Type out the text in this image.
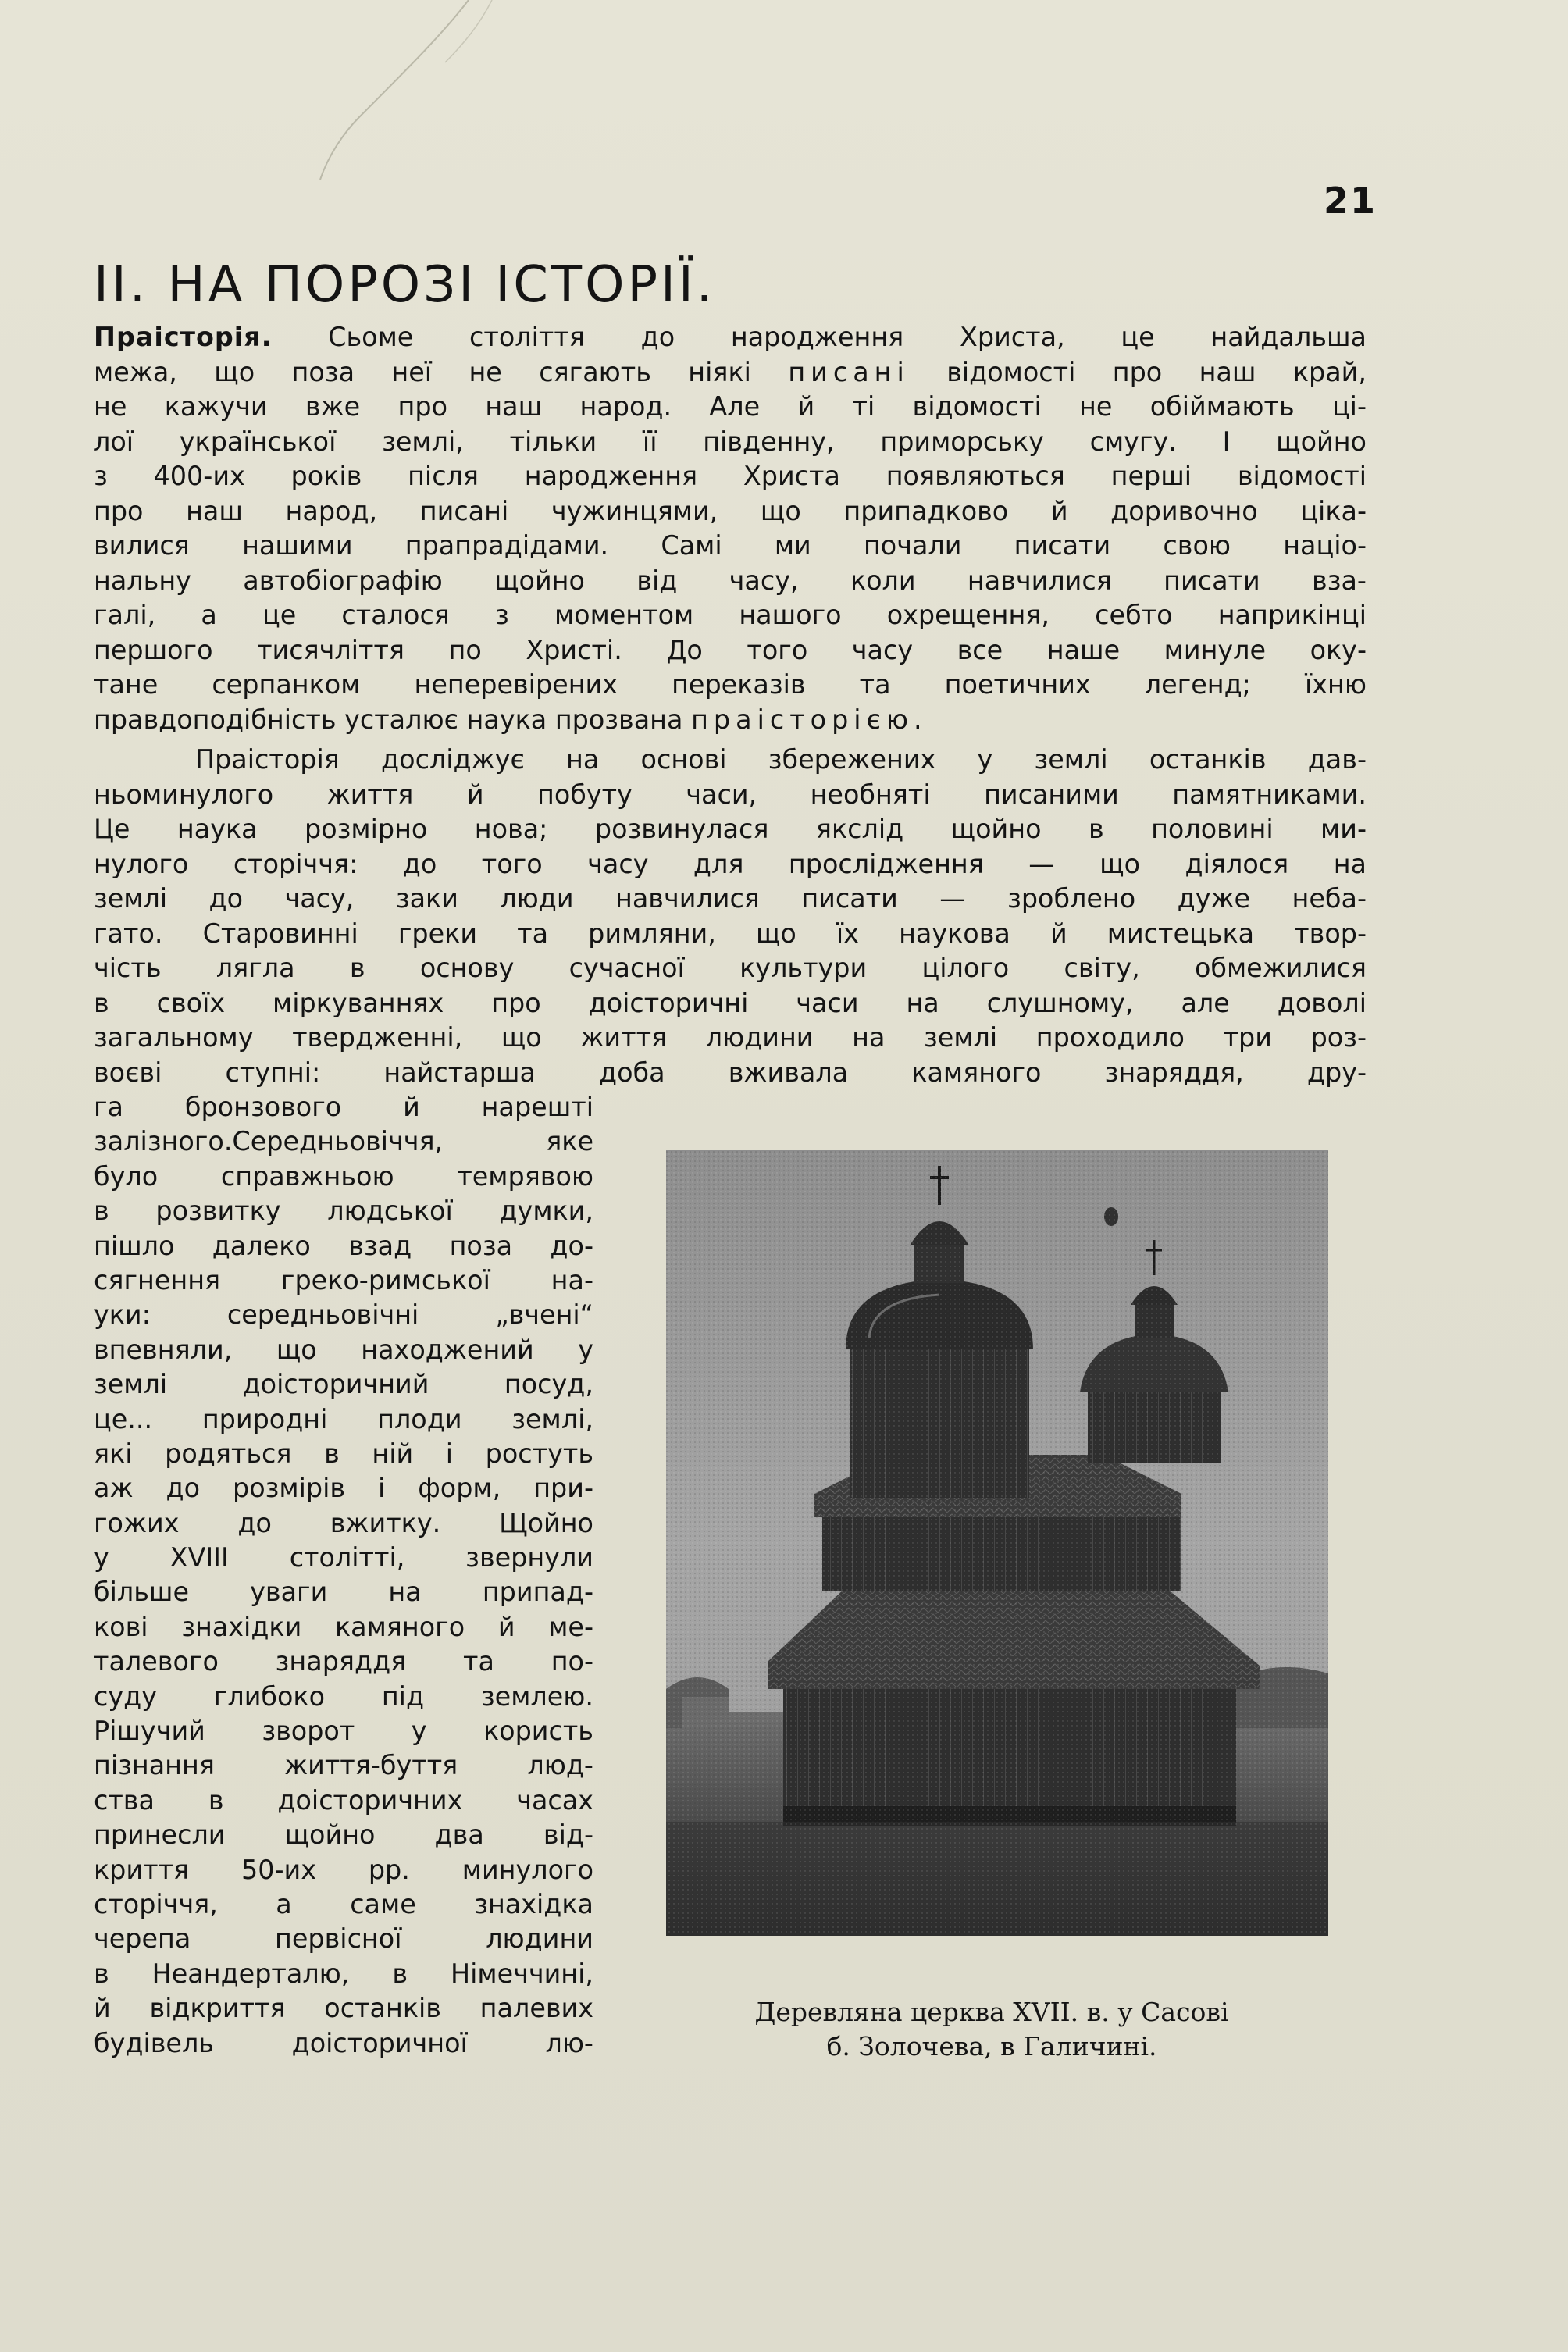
21
II. НА ПОРОЗІ ІСТОРІЇ.
Праісторія. Сьоме століття до народження Христа, це найдальша
межа, що поза неї не сягають ніякі писані відомості про наш край,
не кажучи вже про наш народ. Але й ті відомості не обіймають ці-
лої української землі, тільки її південну, приморську смугу. І щойно
з 400-их років після народження Христа появляються перші відомості
про наш народ, писані чужинцями, що припадково й доривочно ціка-
вилися нашими прапрадідами. Самі ми почали писати свою націо-
нальну автобіографію щойно від часу, коли навчилися писати вза-
галі, а це сталося з моментом нашого охрещення, себто наприкінці
першого тисячліття по Христі. До того часу все наше минуле оку-
тане серпанком неперевірених переказів та поетичних легенд; їхню
правдоподібність усталює наука прозвана праісторією.
Праісторія досліджує на основі збережених у землі останків дав-
ньоминулого життя й побуту часи, необняті писаними памятниками.
Це наука розмірно нова; розвинулася якслід щойно в половині ми-
нулого сторіччя: до того часу для прослідження — що діялося на
землі до часу, заки люди навчилися писати — зроблено дуже неба-
гато. Старовинні греки та римляни, що їх наукова й мистецька твор-
чість лягла в основу сучасної культури цілого світу, обмежилися
в своїх міркуваннях про доісторичні часи на слушному, але доволі
загальному твердженні, що життя людини на землі проходило три роз-
воєві ступні: найстарша доба вживала камяного знаряддя, дру-
га бронзового й нарешті
залізного.Середньовіччя, яке
було справжньою темрявою
в розвитку людської думки,
пішло далеко взад поза до-
сягнення греко-римської на-
уки: середньовічні „вчені“
впевняли, що находжений у
землі доісторичний посуд,
це... природні плоди землі,
які родяться в ній і ростуть
аж до розмірів і форм, при-
гожих до вжитку. Щойно
у XVIII столітті, звернули
більше уваги на припад-
кові знахідки камяного й ме-
талевого знаряддя та по-
суду глибоко під землею.
Рішучий зворот у користь
пізнання життя-буття люд-
ства в доісторичних часах
принесли щойно два від-
криття 50-их рр. минулого
сторіччя, а саме знахідка
черепа первісної людини
в Неандерталю, в Німеччині,
й відкриття останків палевих
будівель доісторичної лю-
Деревляна церква XVII. в. у Сасові
б. Золочева, в Галичині.
